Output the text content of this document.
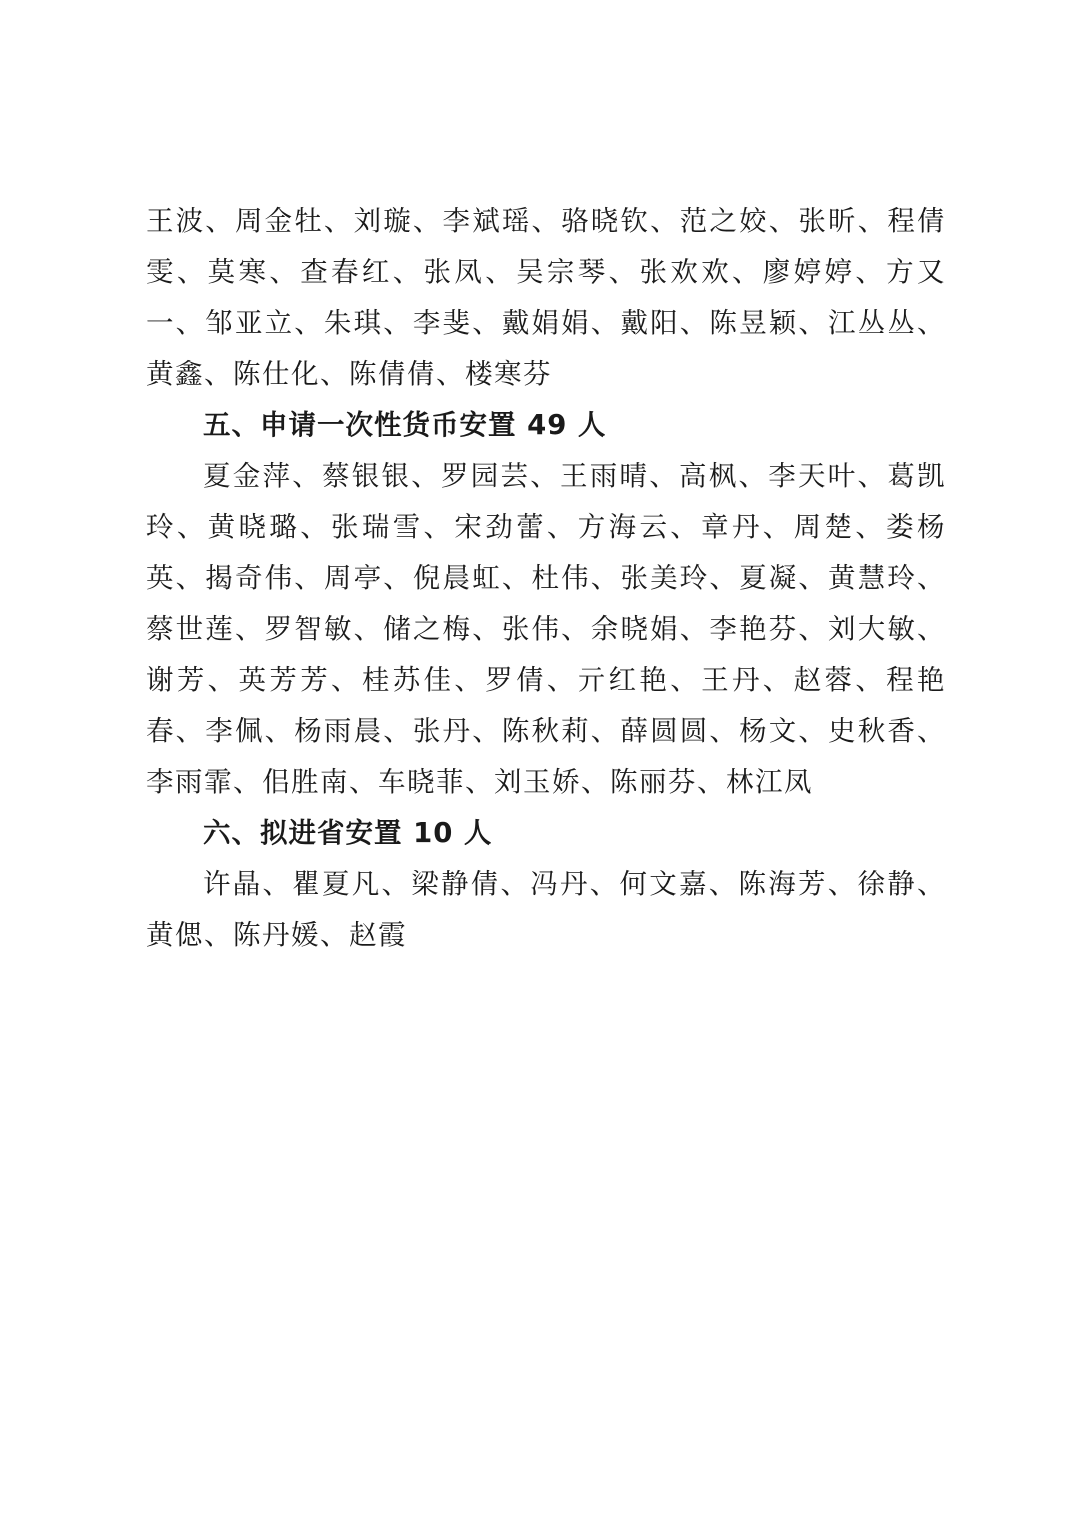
王波、周金牡、刘璇、李斌瑶、骆晓钦、范之姣、张昕、程倩雯、莫寒、查春红、张凤、吴宗琴、张欢欢、廖婷婷、方又一、邹亚立、朱琪、李斐、戴娟娟、戴阳、陈昱颖、江丛丛、黄鑫、陈仕化、陈倩倩、楼寒芬

五、申请一次性货币安置 49 人

夏金萍、蔡银银、罗园芸、王雨晴、高枫、李天叶、葛凯玲、黄晓璐、张瑞雪、宋劲蕾、方海云、章丹、周楚、娄杨英、揭奇伟、周亭、倪晨虹、杜伟、张美玲、夏凝、黄慧玲、蔡世莲、罗智敏、储之梅、张伟、余晓娟、李艳芬、刘大敏、谢芳、英芳芳、桂苏佳、罗倩、亓红艳、王丹、赵蓉、程艳春、李佩、杨雨晨、张丹、陈秋莉、薛圆圆、杨文、史秋香、李雨霏、佀胜南、车晓菲、刘玉娇、陈丽芬、林江凤

六、拟进省安置 10 人

许晶、瞿夏凡、梁静倩、冯丹、何文嘉、陈海芳、徐静、黄偲、陈丹媛、赵霞
